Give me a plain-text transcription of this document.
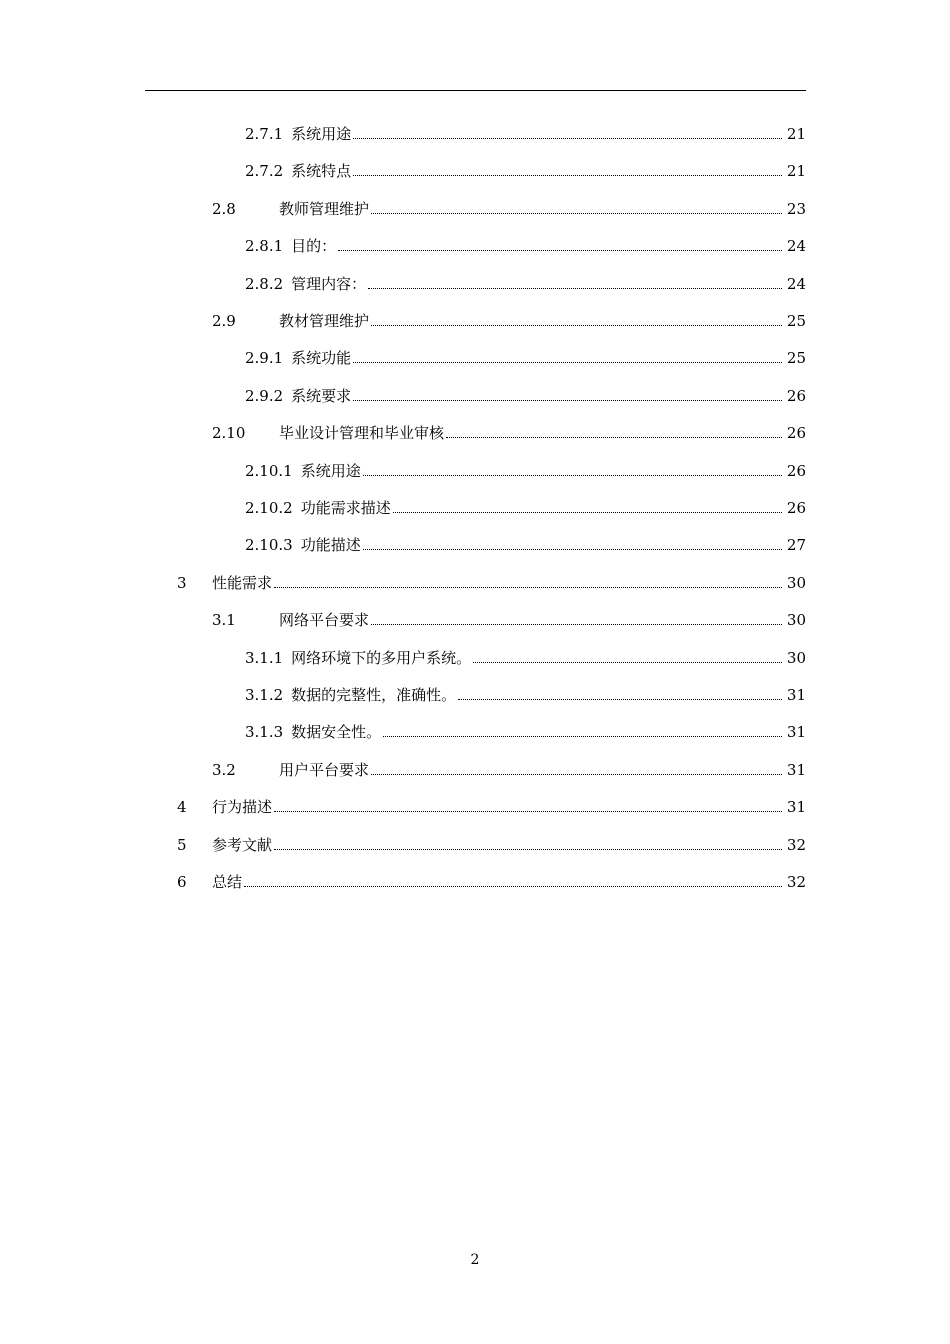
2.7.1 系统用途	21
2.7.2 系统特点	21
2.8	教师管理维护	23
2.8.1 目的：	24
2.8.2 管理内容：	24
2.9	教材管理维护	25
2.9.1 系统功能	25
2.9.2 系统要求	26
2.10 毕业设计管理和毕业审核	26
2.10.1 系统用途	26
2.10.2 功能需求描述	26
2.10.3 功能描述	27
3 性能需求	30
3.1	网络平台要求	30
3.1.1 网络环境下的多用户系统。	30
3.1.2 数据的完整性，准确性。	31
3.1.3 数据安全性。	31
3.2	用户平台要求	31
4 行为描述	31
5 参考文献	32
6 总结	32
2
